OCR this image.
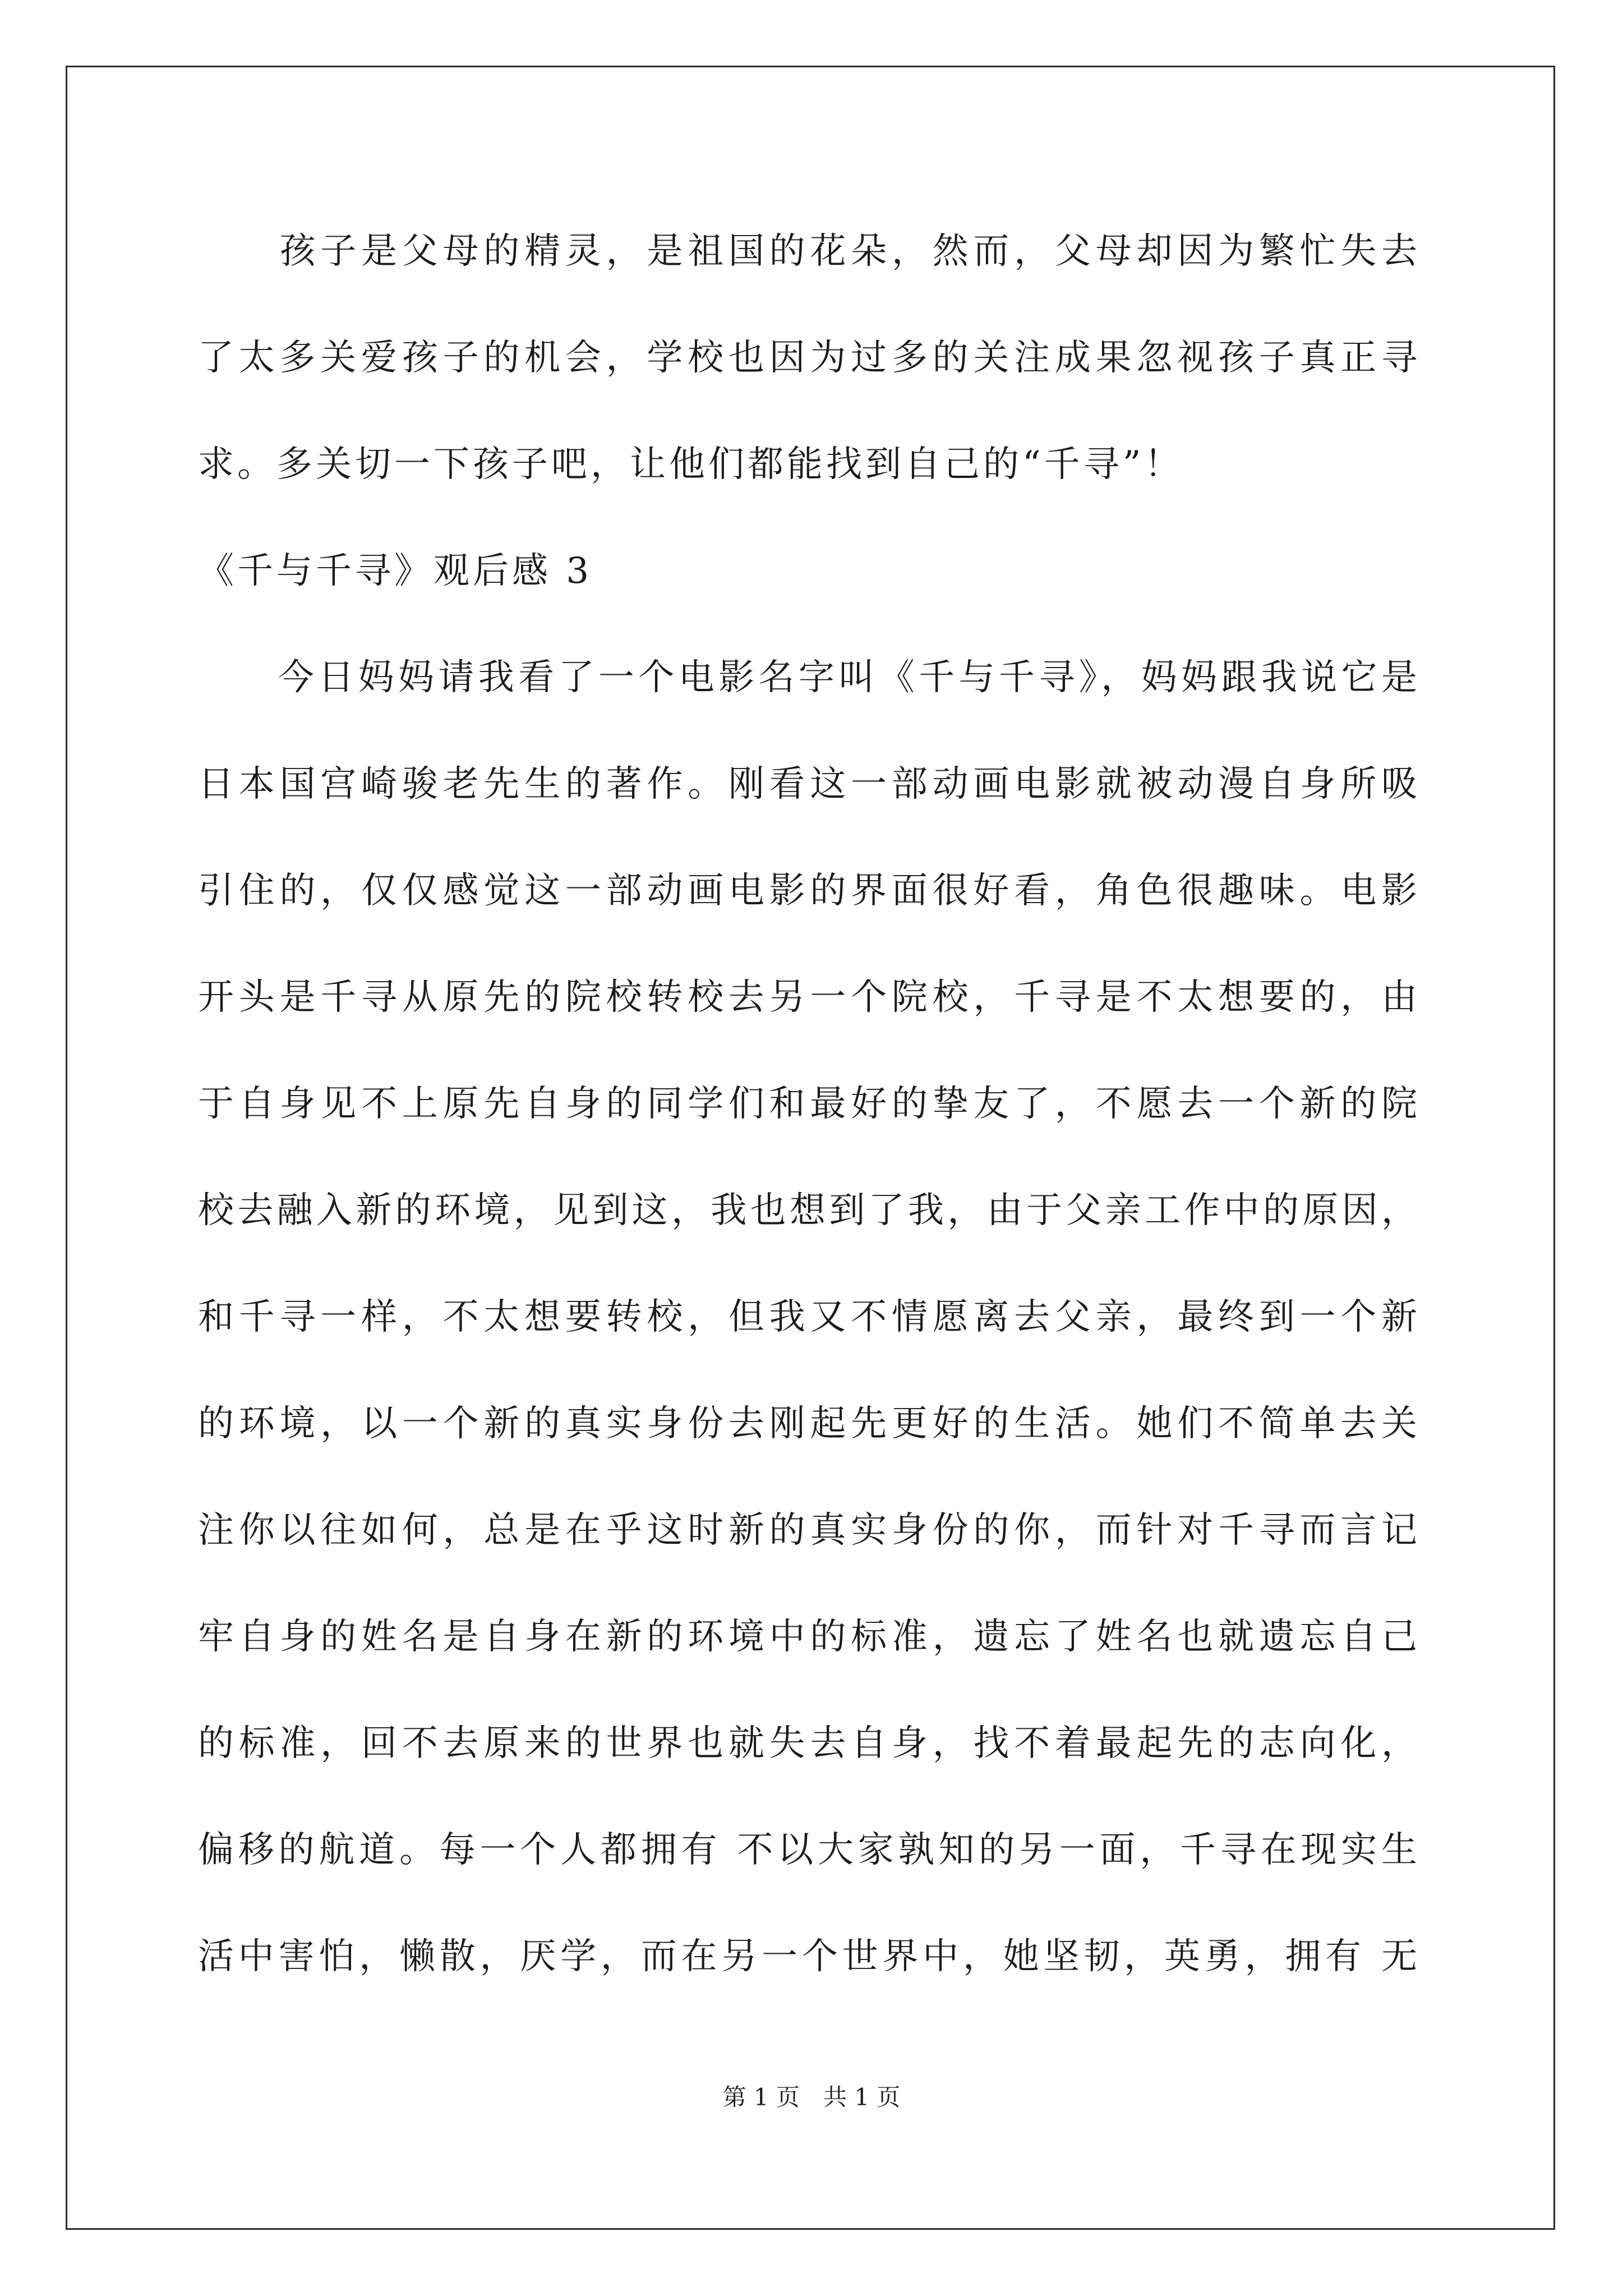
　　孩子是父母的精灵，是祖国的花朵，然而，父母却因为繁忙失去
了太多关爱孩子的机会，学校也因为过多的关注成果忽视孩子真正寻
求。多关切一下孩子吧，让他们都能找到自己的“千寻”！
《千与千寻》观后感 3
　　今日妈妈请我看了一个电影名字叫《千与千寻》，妈妈跟我说它是
日本国宫崎骏老先生的著作。刚看这一部动画电影就被动漫自身所吸
引住的，仅仅感觉这一部动画电影的界面很好看，角色很趣味。电影
开头是千寻从原先的院校转校去另一个院校，千寻是不太想要的，由
于自身见不上原先自身的同学们和最好的挚友了，不愿去一个新的院
校去融入新的环境，见到这，我也想到了我，由于父亲工作中的原因，
和千寻一样，不太想要转校，但我又不情愿离去父亲，最终到一个新
的环境，以一个新的真实身份去刚起先更好的生活。她们不简单去关
注你以往如何，总是在乎这时新的真实身份的你，而针对千寻而言记
牢自身的姓名是自身在新的环境中的标准，遗忘了姓名也就遗忘自己
的标准，回不去原来的世界也就失去自身，找不着最起先的志向化，
偏移的航道。每一个人都拥有 不以大家孰知的另一面，千寻在现实生
活中害怕，懒散，厌学，而在另一个世界中，她坚韧，英勇，拥有 无
第 1 页　共 1 页
